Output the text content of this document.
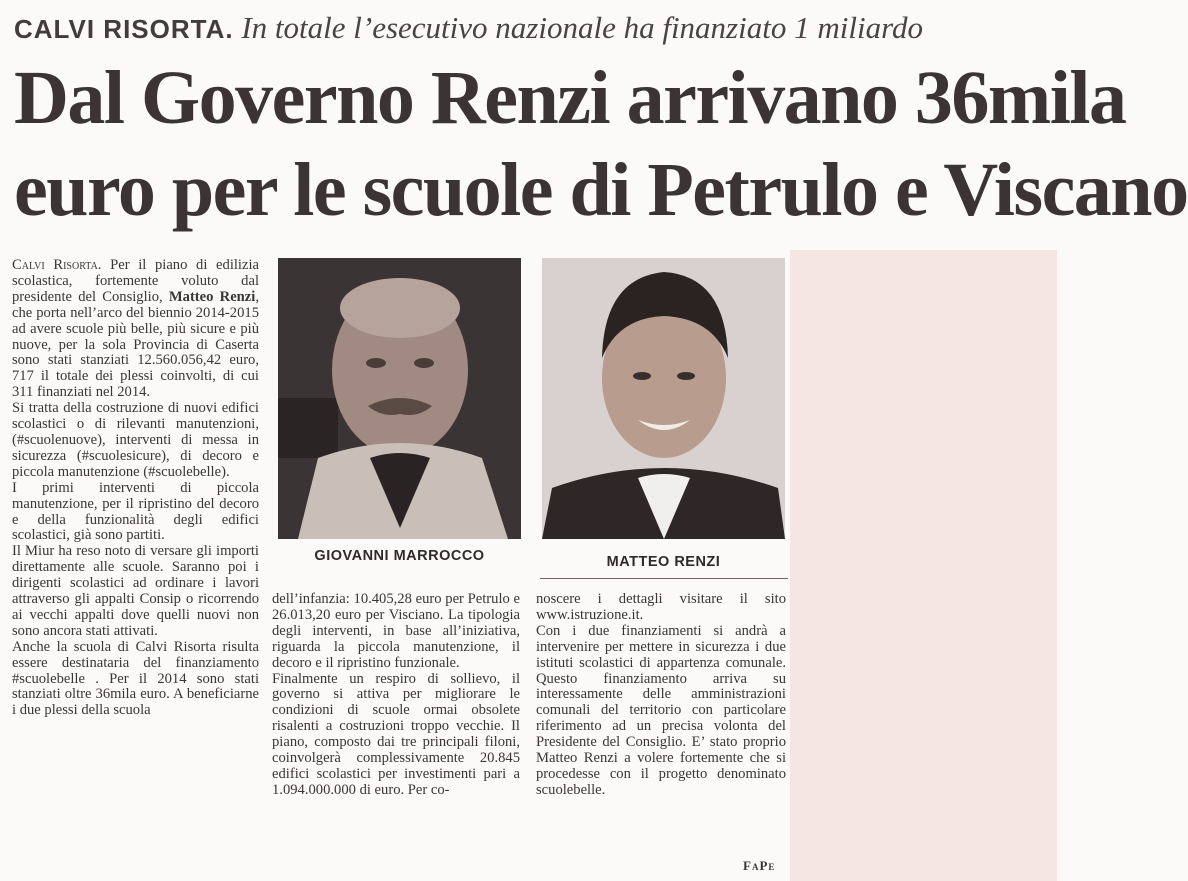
CALVI RISORTA. In totale l’esecutivo nazionale ha finanziato 1 miliardo
Dal Governo Renzi arrivano 36mila
euro per le scuole di Petrulo e Viscano

Calvi Risorta. Per il piano di edilizia scolastica, fortemente voluto dal presidente del Consiglio, Matteo Renzi, che porta nell’arco del biennio 2014-2015 ad avere scuole più belle, più sicure e più nuove, per la sola Provincia di Caserta sono stati stanziati 12.560.056,42 euro, 717 il totale dei plessi coinvolti, di cui 311 finanziati nel 2014.

Si tratta della costruzione di nuovi edifici scolastici o di rilevanti manutenzioni, (#scuolenuove), interventi di messa in sicurezza (#scuolesicure), di decoro e piccola manutenzione (#scuolebelle).

I primi interventi di piccola manutenzione, per il ripristino del decoro e della funzionalità degli edifici scolastici, già sono partiti.

Il Miur ha reso noto di versare gli importi direttamente alle scuole. Saranno poi i dirigenti scolastici ad ordinare i lavori attraverso gli appalti Consip o ricorrendo ai vecchi appalti dove quelli nuovi non sono ancora stati attivati.

Anche la scuola di Calvi Risorta risulta essere destinataria del finanziamento #scuolebelle . Per il 2014 sono stati stanziati oltre 36mila euro. A beneficiarne i due plessi della scuola

GIOVANNI MARROCCO	MATTEO RENZI

dell’infanzia: 10.405,28 euro per Petrulo e 26.013,20 euro per Visciano. La tipologia degli interventi, in base all’iniziativa, riguarda la piccola manutenzione, il decoro e il ripristino funzionale.

Finalmente un respiro di sollievo, il governo si attiva per migliorare le condizioni di scuole ormai obsolete risalenti a costruzioni troppo vecchie. Il piano, composto dai tre principali filoni, coinvolgerà complessivamente 20.845 edifici scolastici per investimenti pari a 1.094.000.000 di euro. Per co-

noscere i dettagli visitare il sito www.istruzione.it.

Con i due finanziamenti si andrà a intervenire per mettere in sicurezza i due istituti scolastici di appartenza comunale. Questo finanziamento arriva su interessamente delle amministrazioni comunali del territorio con particolare riferimento ad un precisa volonta del Presidente del Consiglio. E’ stato proprio Matteo Renzi a volere fortemente che si procedesse con il progetto denominato scuolebelle.

FaPe
